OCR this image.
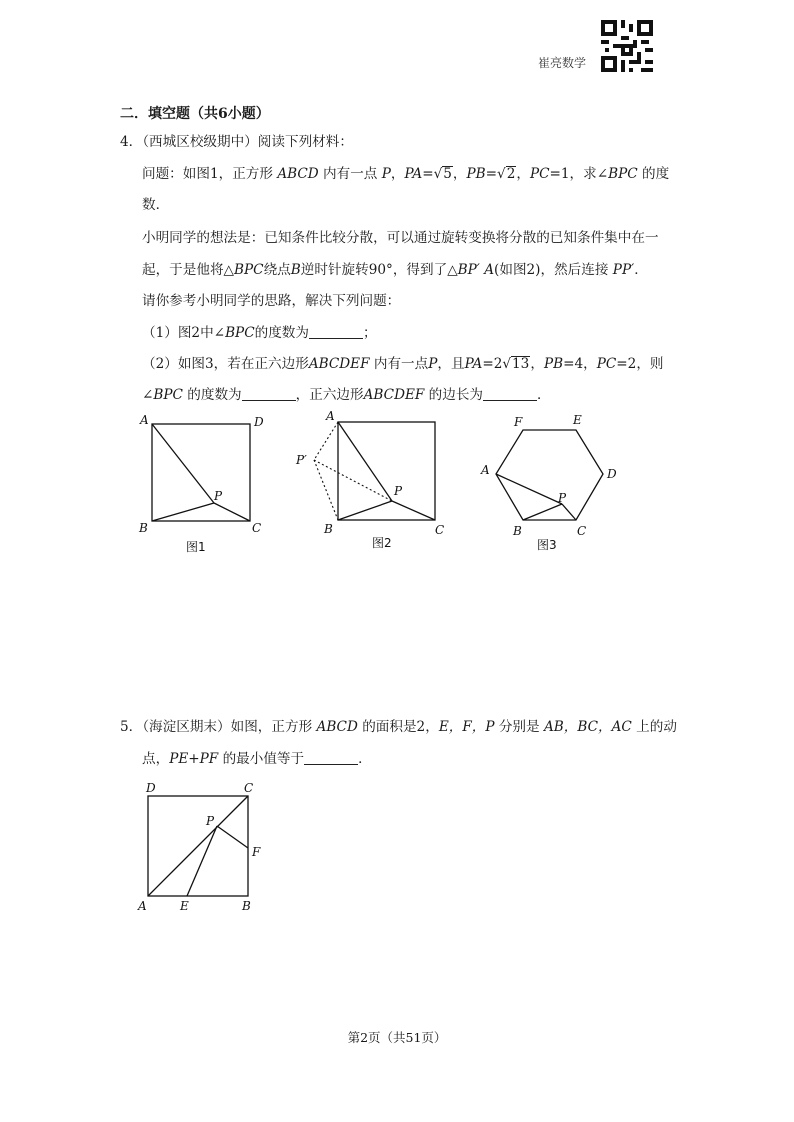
崔亮数学
二．填空题（共6小题）
4．（西城区校级期中）阅读下列材料：
问题：如图1，正方形 ABCD 内有一点 P，PA=√5，PB=√2，PC=1，求∠BPC 的度
数．
小明同学的想法是：已知条件比较分散，可以通过旋转变换将分散的已知条件集中在一
起，于是他将△BPC绕点B逆时针旋转90°，得到了△BP′ A(如图2)，然后连接 PP′．
请你参考小明同学的思路，解决下列问题：
（1）图2中∠BPC的度数为	；
（2）如图3，若在正六边形ABCDEF 内有一点P，且PA=2√13，PB=4，PC=2，则
∠BPC 的度数为	，正六边形ABCDEF 的边长为	．
A	D
B	C
P
图1
A
P′
B	C
P
图2
F	E
A	D
B	C
P
图3
5．（海淀区期末）如图，正方形 ABCD 的面积是2，E，F，P 分别是 AB，BC，AC 上的动
点，PE+PF 的最小值等于	．
D	C
P
F
A	E	B
第2页（共51页）
